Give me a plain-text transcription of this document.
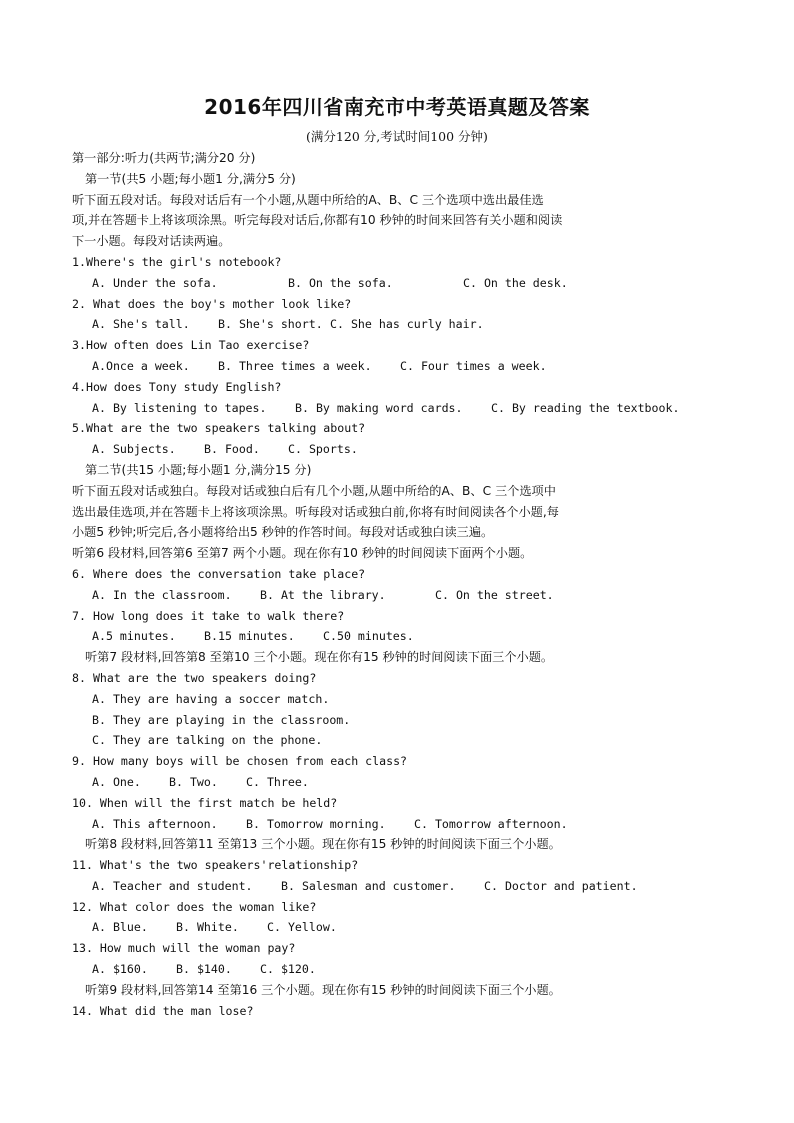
2016年四川省南充市中考英语真题及答案
(满分120 分,考试时间100 分钟)
第一部分:听力(共两节;满分20 分)
第一节(共5 小题;每小题1 分,满分5 分)
听下面五段对话。每段对话后有一个小题,从题中所给的A、B、C 三个选项中选出最佳选
项,并在答题卡上将该项涂黑。听完每段对话后,你都有10 秒钟的时间来回答有关小题和阅读
下一小题。每段对话读两遍。
1.Where's the girl's notebook?
A. Under the sofa.	B. On the sofa.	C. On the desk.
2. What does the boy's mother look like?
A. She's tall.	B. She's short. C. She has curly hair.
3.How often does Lin Tao exercise?
A.Once a week.	B. Three times a week.	C. Four times a week.
4.How does Tony study English?
A. By listening to tapes.	B. By making word cards.	C. By reading the textbook.
5.What are the two speakers talking about?
A. Subjects.	B. Food.	C. Sports.
第二节(共15 小题;每小题1 分,满分15 分)
听下面五段对话或独白。每段对话或独白后有几个小题,从题中所给的A、B、C 三个选项中
选出最佳选项,并在答题卡上将该项涂黑。听每段对话或独白前,你将有时间阅读各个小题,每
小题5 秒钟;听完后,各小题将给出5 秒钟的作答时间。每段对话或独白读三遍。
听第6 段材料,回答第6 至第7 两个小题。现在你有10 秒钟的时间阅读下面两个小题。
6. Where does the conversation take place?
A. In the classroom.	B. At the library.	C. On the street.
7. How long does it take to walk there?
A.5 minutes.	B.15 minutes.	C.50 minutes.
听第7 段材料,回答第8 至第10 三个小题。现在你有15 秒钟的时间阅读下面三个小题。
8. What are the two speakers doing?
A. They are having a soccer match.
B. They are playing in the classroom.
C. They are talking on the phone.
9. How many boys will be chosen from each class?
A. One.	B. Two.	C. Three.
10. When will the first match be held?
A. This afternoon.	B. Tomorrow morning.	C. Tomorrow afternoon.
听第8 段材料,回答第11 至第13 三个小题。现在你有15 秒钟的时间阅读下面三个小题。
11. What's the two speakers'relationship?
A. Teacher and student.	B. Salesman and customer.	C. Doctor and patient.
12. What color does the woman like?
A. Blue.	B. White.	C. Yellow.
13. How much will the woman pay?
A. $160.	B. $140.	C. $120.
听第9 段材料,回答第14 至第16 三个小题。现在你有15 秒钟的时间阅读下面三个小题。
14. What did the man lose?
